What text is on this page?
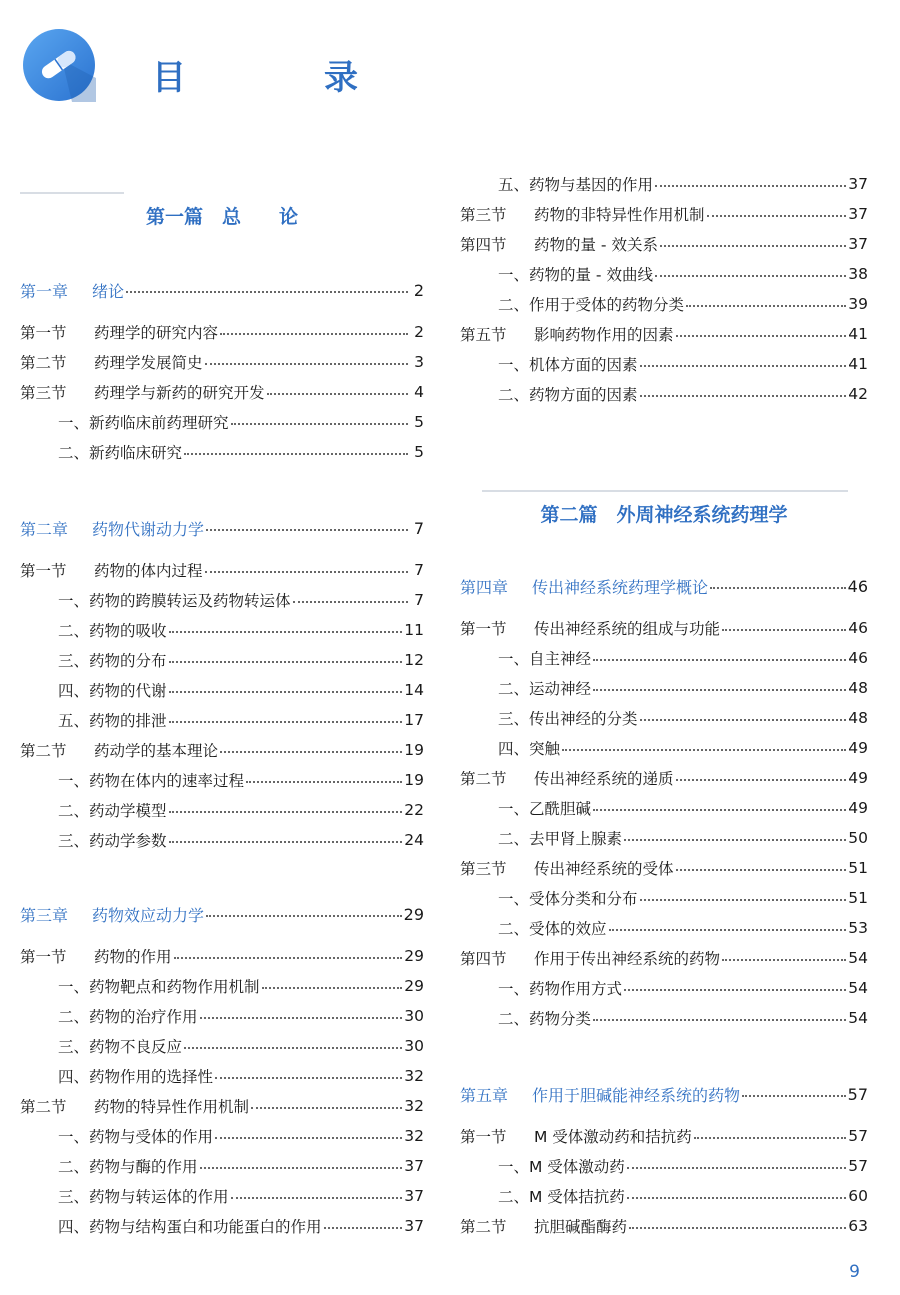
目　录
第一篇　总　　论
第一章 绪论	2
第一节 药理学的研究内容	2
第二节 药理学发展简史	3
第三节 药理学与新药的研究开发	4
一、新药临床前药理研究	5
二、新药临床研究	5
第二章 药物代谢动力学	7
第一节 药物的体内过程	7
一、药物的跨膜转运及药物转运体	7
二、药物的吸收	11
三、药物的分布	12
四、药物的代谢	14
五、药物的排泄	17
第二节 药动学的基本理论	19
一、药物在体内的速率过程	19
二、药动学模型	22
三、药动学参数	24
第三章 药物效应动力学	29
第一节 药物的作用	29
一、药物靶点和药物作用机制	29
二、药物的治疗作用	30
三、药物不良反应	30
四、药物作用的选择性	32
第二节 药物的特异性作用机制	32
一、药物与受体的作用	32
二、药物与酶的作用	37
三、药物与转运体的作用	37
四、药物与结构蛋白和功能蛋白的作用	37
第二篇　外周神经系统药理学
五、药物与基因的作用	37
第三节 药物的非特异性作用机制	37
第四节 药物的量 - 效关系	37
一、药物的量 - 效曲线	38
二、作用于受体的药物分类	39
第五节 影响药物作用的因素	41
一、机体方面的因素	41
二、药物方面的因素	42
第四章 传出神经系统药理学概论	46
第一节 传出神经系统的组成与功能	46
一、自主神经	46
二、运动神经	48
三、传出神经的分类	48
四、突触	49
第二节 传出神经系统的递质	49
一、乙酰胆碱	49
二、去甲肾上腺素	50
第三节 传出神经系统的受体	51
一、受体分类和分布	51
二、受体的效应	53
第四节 作用于传出神经系统的药物	54
一、药物作用方式	54
二、药物分类	54
第五章 作用于胆碱能神经系统的药物	57
第一节 M 受体激动药和拮抗药	57
一、M 受体激动药	57
二、M 受体拮抗药	60
第二节 抗胆碱酯酶药	63
9
